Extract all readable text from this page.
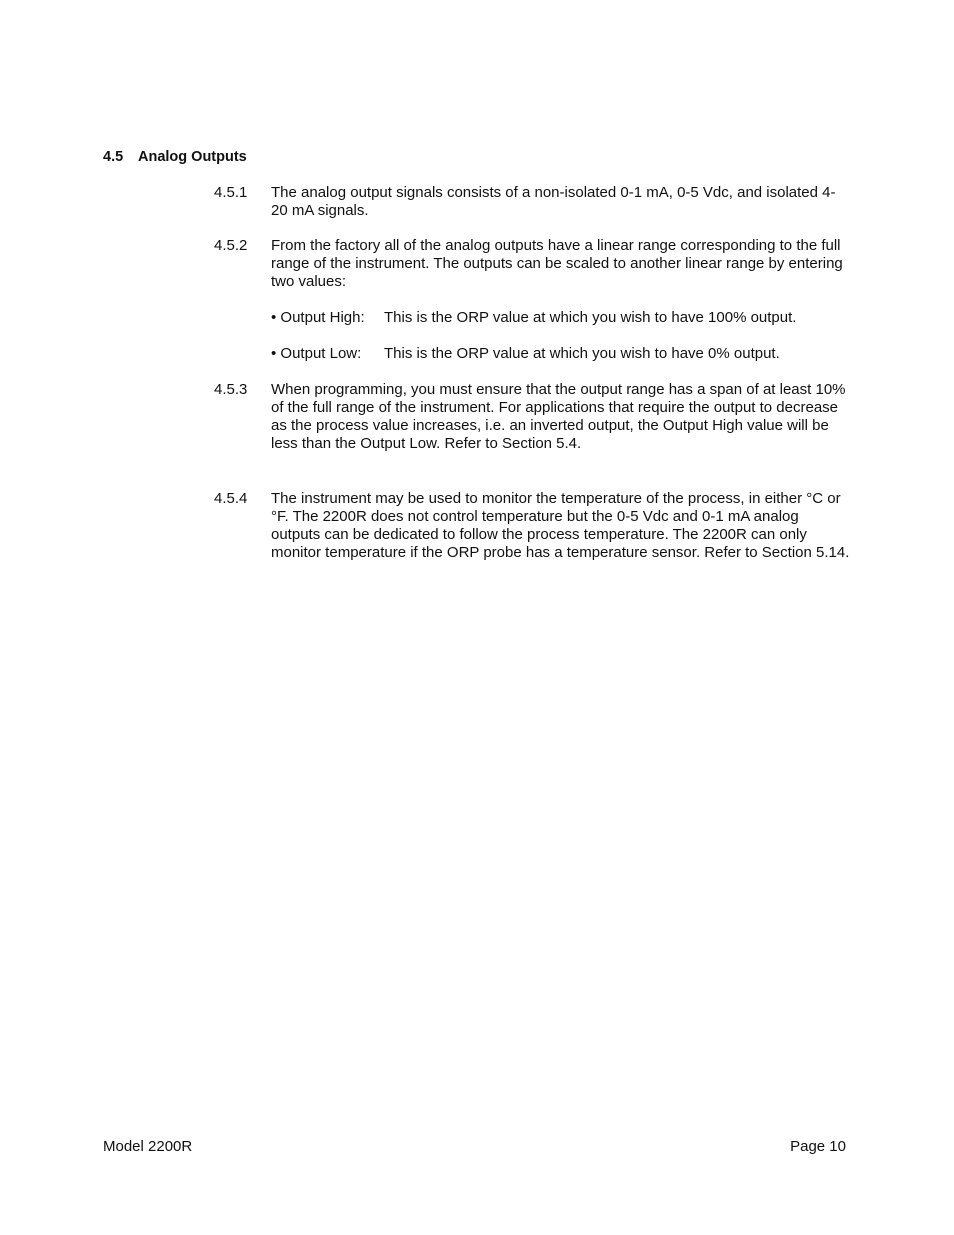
4.5 Analog Outputs
4.5.1 The analog output signals consists of a non-isolated 0-1 mA, 0-5 Vdc, and isolated 4-20 mA signals.
4.5.2 From the factory all of the analog outputs have a linear range corresponding to the full range of the instrument. The outputs can be scaled to another linear range by entering two values:
• Output High: This is the ORP value at which you wish to have 100% output.
• Output Low: This is the ORP value at which you wish to have 0% output.
4.5.3 When programming, you must ensure that the output range has a span of at least 10% of the full range of the instrument. For applications that require the output to decrease as the process value increases, i.e. an inverted output, the Output High value will be less than the Output Low. Refer to Section 5.4.
4.5.4 The instrument may be used to monitor the temperature of the process, in either °C or °F. The 2200R does not control temperature but the 0-5 Vdc and 0-1 mA analog outputs can be dedicated to follow the process temperature. The 2200R can only monitor temperature if the ORP probe has a temperature sensor. Refer to Section 5.14.
Model 2200R	Page 10
